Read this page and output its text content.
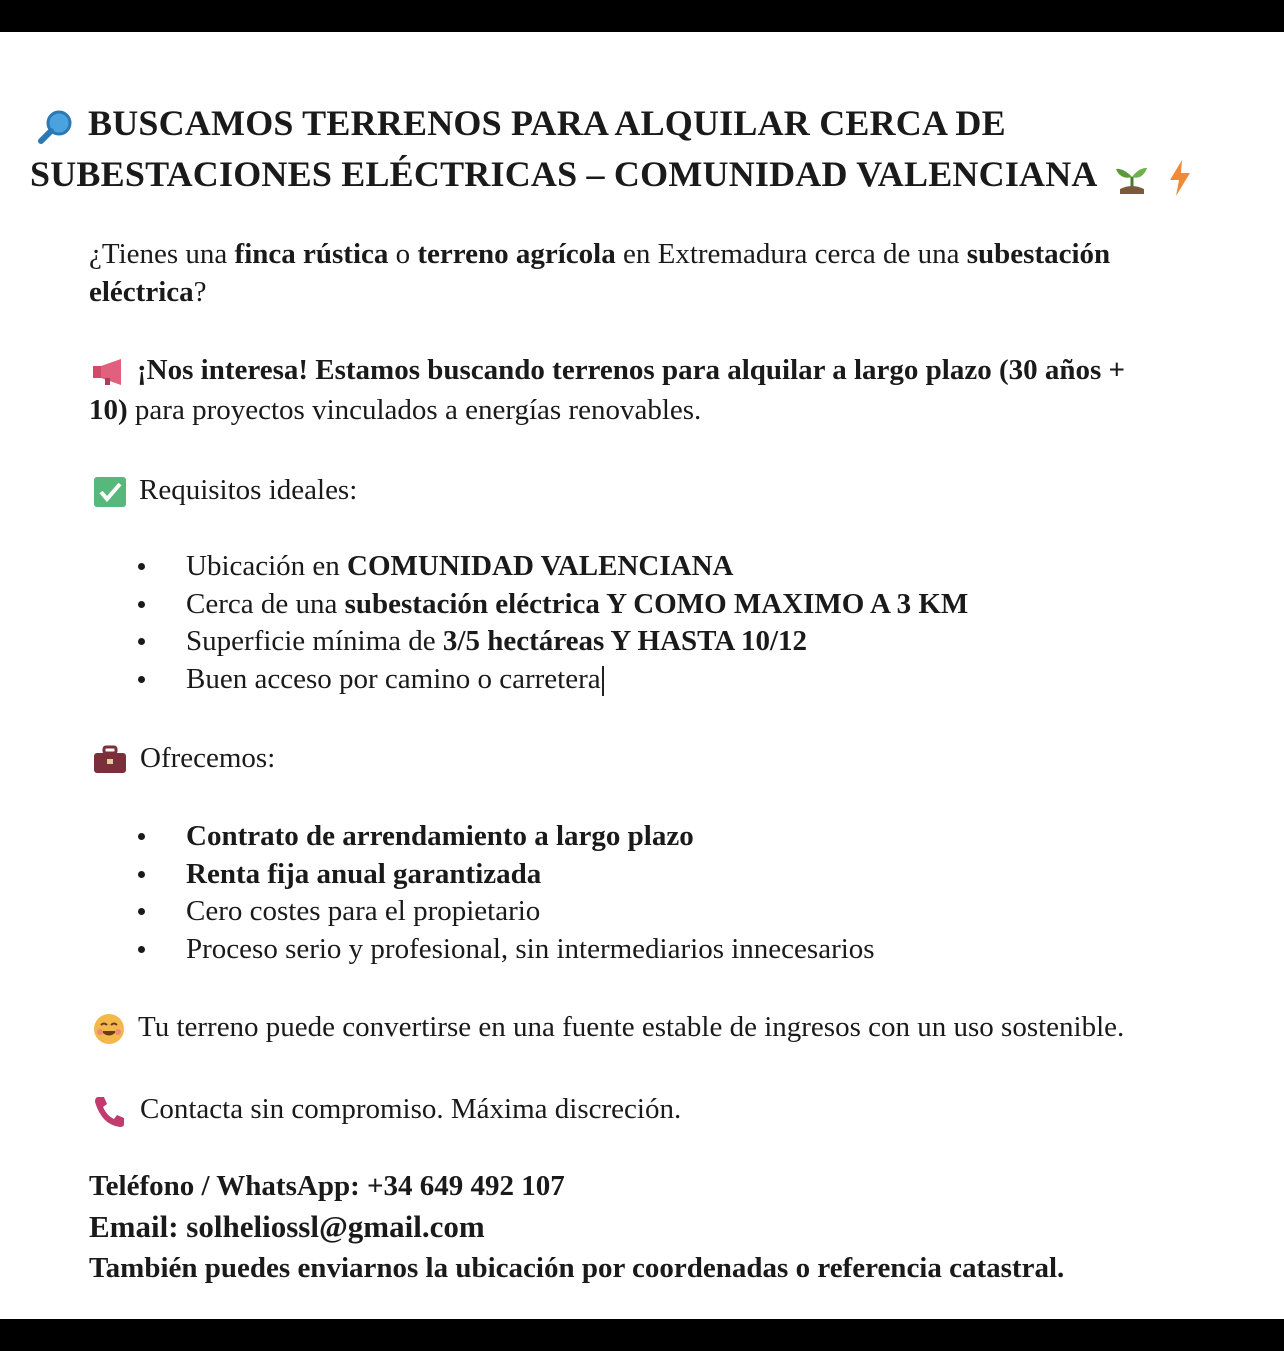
BUSCAMOS TERRENOS PARA ALQUILAR CERCA DE
SUBESTACIONES ELÉCTRICAS – COMUNIDAD VALENCIANA
¿Tienes una finca rústica o terreno agrícola en Extremadura cerca de una subestación
eléctrica?
¡Nos interesa! Estamos buscando terrenos para alquilar a largo plazo (30 años +
10) para proyectos vinculados a energías renovables.
Requisitos ideales:
Ubicación en COMUNIDAD VALENCIANA
Cerca de una subestación eléctrica Y COMO MAXIMO A 3 KM
Superficie mínima de 3/5 hectáreas Y HASTA 10/12
Buen acceso por camino o carretera
Ofrecemos:
Contrato de arrendamiento a largo plazo
Renta fija anual garantizada
Cero costes para el propietario
Proceso serio y profesional, sin intermediarios innecesarios
Tu terreno puede convertirse en una fuente estable de ingresos con un uso sostenible.
Contacta sin compromiso. Máxima discreción.
Teléfono / WhatsApp: +34 649 492 107
Email: solheliossl@gmail.com
También puedes enviarnos la ubicación por coordenadas o referencia catastral.
